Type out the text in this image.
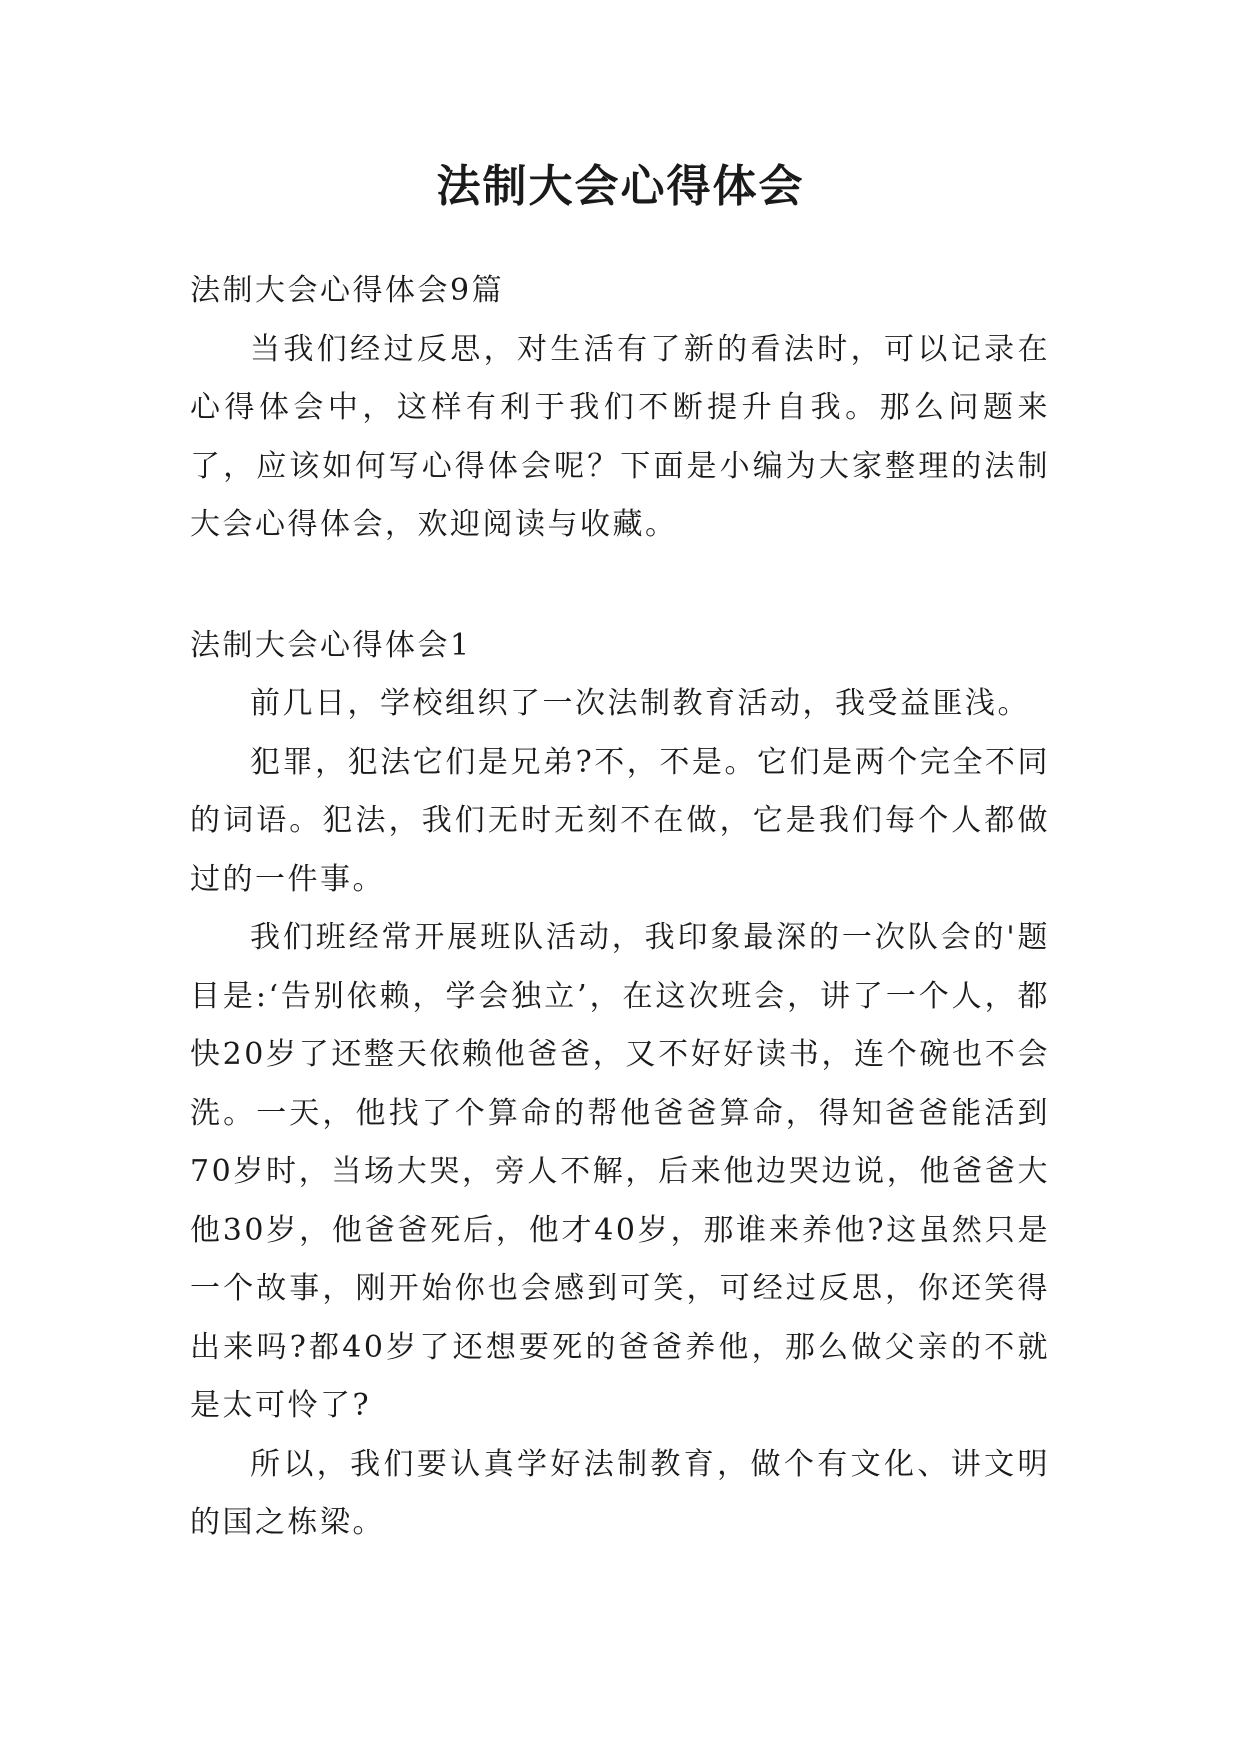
法制大会心得体会

法制大会心得体会9篇

当我们经过反思，对生活有了新的看法时，可以记录在心得体会中，这样有利于我们不断提升自我。那么问题来了，应该如何写心得体会呢？下面是小编为大家整理的法制大会心得体会，欢迎阅读与收藏。

法制大会心得体会1

前几日，学校组织了一次法制教育活动，我受益匪浅。

犯罪，犯法它们是兄弟?不，不是。它们是两个完全不同的词语。犯法，我们无时无刻不在做，它是我们每个人都做过的一件事。

我们班经常开展班队活动，我印象最深的一次队会的'题目是:‘告别依赖，学会独立’，在这次班会，讲了一个人，都快20岁了还整天依赖他爸爸，又不好好读书，连个碗也不会洗。一天，他找了个算命的帮他爸爸算命，得知爸爸能活到70岁时，当场大哭，旁人不解，后来他边哭边说，他爸爸大他30岁，他爸爸死后，他才40岁，那谁来养他?这虽然只是一个故事，刚开始你也会感到可笑，可经过反思，你还笑得出来吗?都40岁了还想要死的爸爸养他，那么做父亲的不就是太可怜了?

所以，我们要认真学好法制教育，做个有文化、讲文明的国之栋梁。
